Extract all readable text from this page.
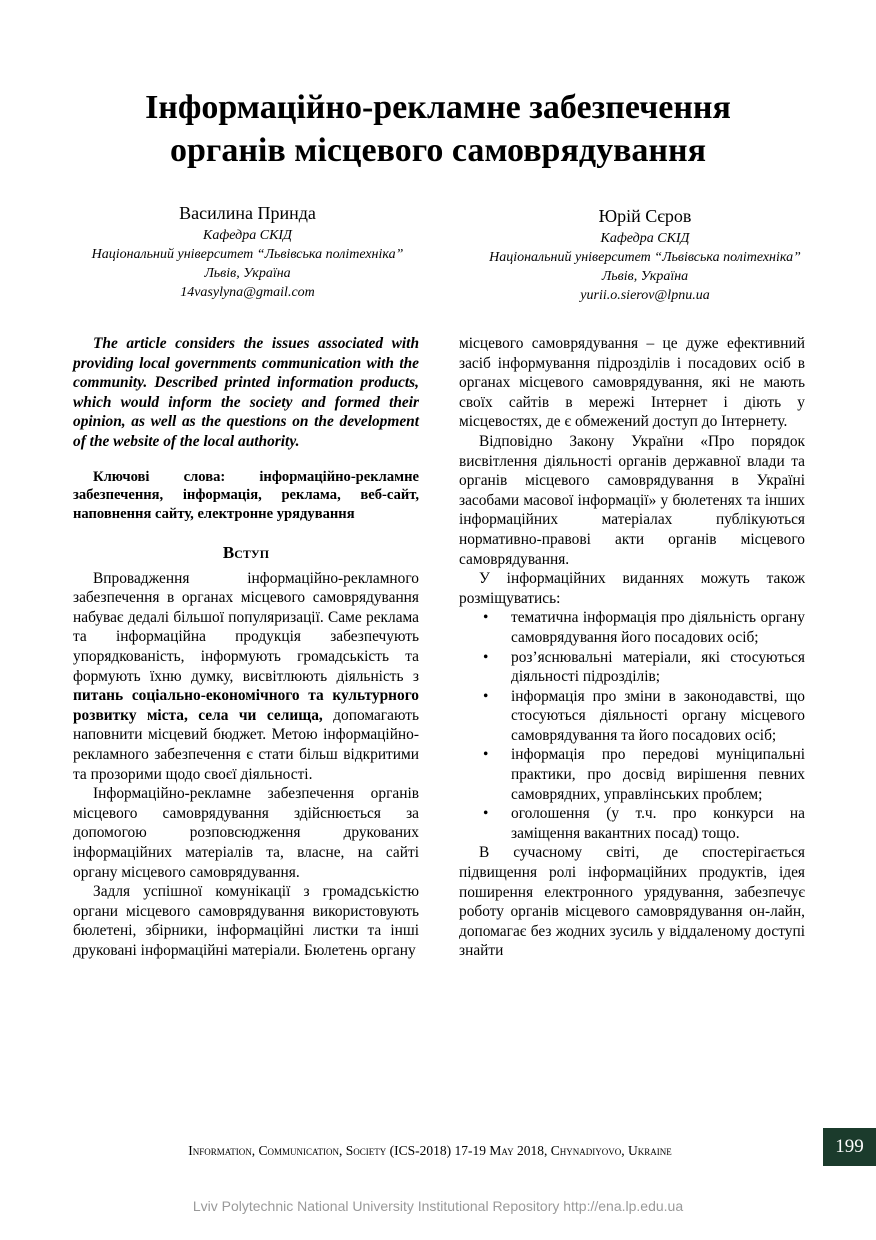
Інформаційно-рекламне забезпечення
органів місцевого самоврядування
Василина Принда
Кафедра СКІД
Національний університет “Львівська політехніка”
Львів, Україна
14vasylyna@gmail.com
Юрій Сєров
Кафедра СКІД
Національний університет “Львівська політехніка”
Львів, Україна
yurii.o.sierov@lpnu.ua

The article considers the issues associated with providing local governments communication with the community. Described printed information products, which would inform the society and formed their opinion, as well as the questions on the development of the website of the local authority.

Ключові слова: інформаційно-рекламне забезпечення, інформація, реклама, веб-сайт, наповнення сайту, електронне урядування

Вступ

Впровадження інформаційно-рекламного забезпечення в органах місцевого самоврядування набуває дедалі більшої популяризації. Саме реклама та інформаційна продукція забезпечують упорядкованість, інформують громадськість та формують їхню думку, висвітлюють діяльність з питань соціально-економічного та культурного розвитку міста, села чи селища, допомагають наповнити місцевий бюджет. Метою інформаційно-рекламного забезпечення є стати більш відкритими та прозорими щодо своєї діяльності.

Інформаційно-рекламне забезпечення органів місцевого самоврядування здійснюється за допомогою розповсюдження друкованих інформаційних матеріалів та, власне, на сайті органу місцевого самоврядування.

Задля успішної комунікації з громадськістю органи місцевого самоврядування використовують бюлетені, збірники, інформаційні листки та інші друковані інформаційні матеріали. Бюлетень органу

місцевого самоврядування – це дуже ефективний засіб інформування підрозділів і посадових осіб в органах місцевого самоврядування, які не мають своїх сайтів в мережі Інтернет і діють у місцевостях, де є обмежений доступ до Інтернету.

Відповідно Закону України «Про порядок висвітлення діяльності органів державної влади та органів місцевого самоврядування в Україні засобами масової інформації» у бюлетенях та інших інформаційних матеріалах публікуються нормативно-правові акти органів місцевого самоврядування.

У інформаційних виданнях можуть також розміщуватись:

• тематична інформація про діяльність органу самоврядування його посадових осіб;
• роз’яснювальні матеріали, які стосуються діяльності підрозділів;
• інформація про зміни в законодавстві, що стосуються діяльності органу місцевого самоврядування та його посадових осіб;
• інформація про передові муніципальні практики, про досвід вирішення певних самоврядних, управлінських проблем;
• оголошення (у т.ч. про конкурси на заміщення вакантних посад) тощо.

В сучасному світі, де спостерігається підвищення ролі інформаційних продуктів, ідея поширення електронного урядування, забезпечує роботу органів місцевого самоврядування он-лайн, допомагає без жодних зусиль у віддаленому доступі знайти

Information, Communication, Society (ICS-2018) 17-19 May 2018, Chynadiyovo, Ukraine	199
Lviv Polytechnic National University Institutional Repository http://ena.lp.edu.ua
